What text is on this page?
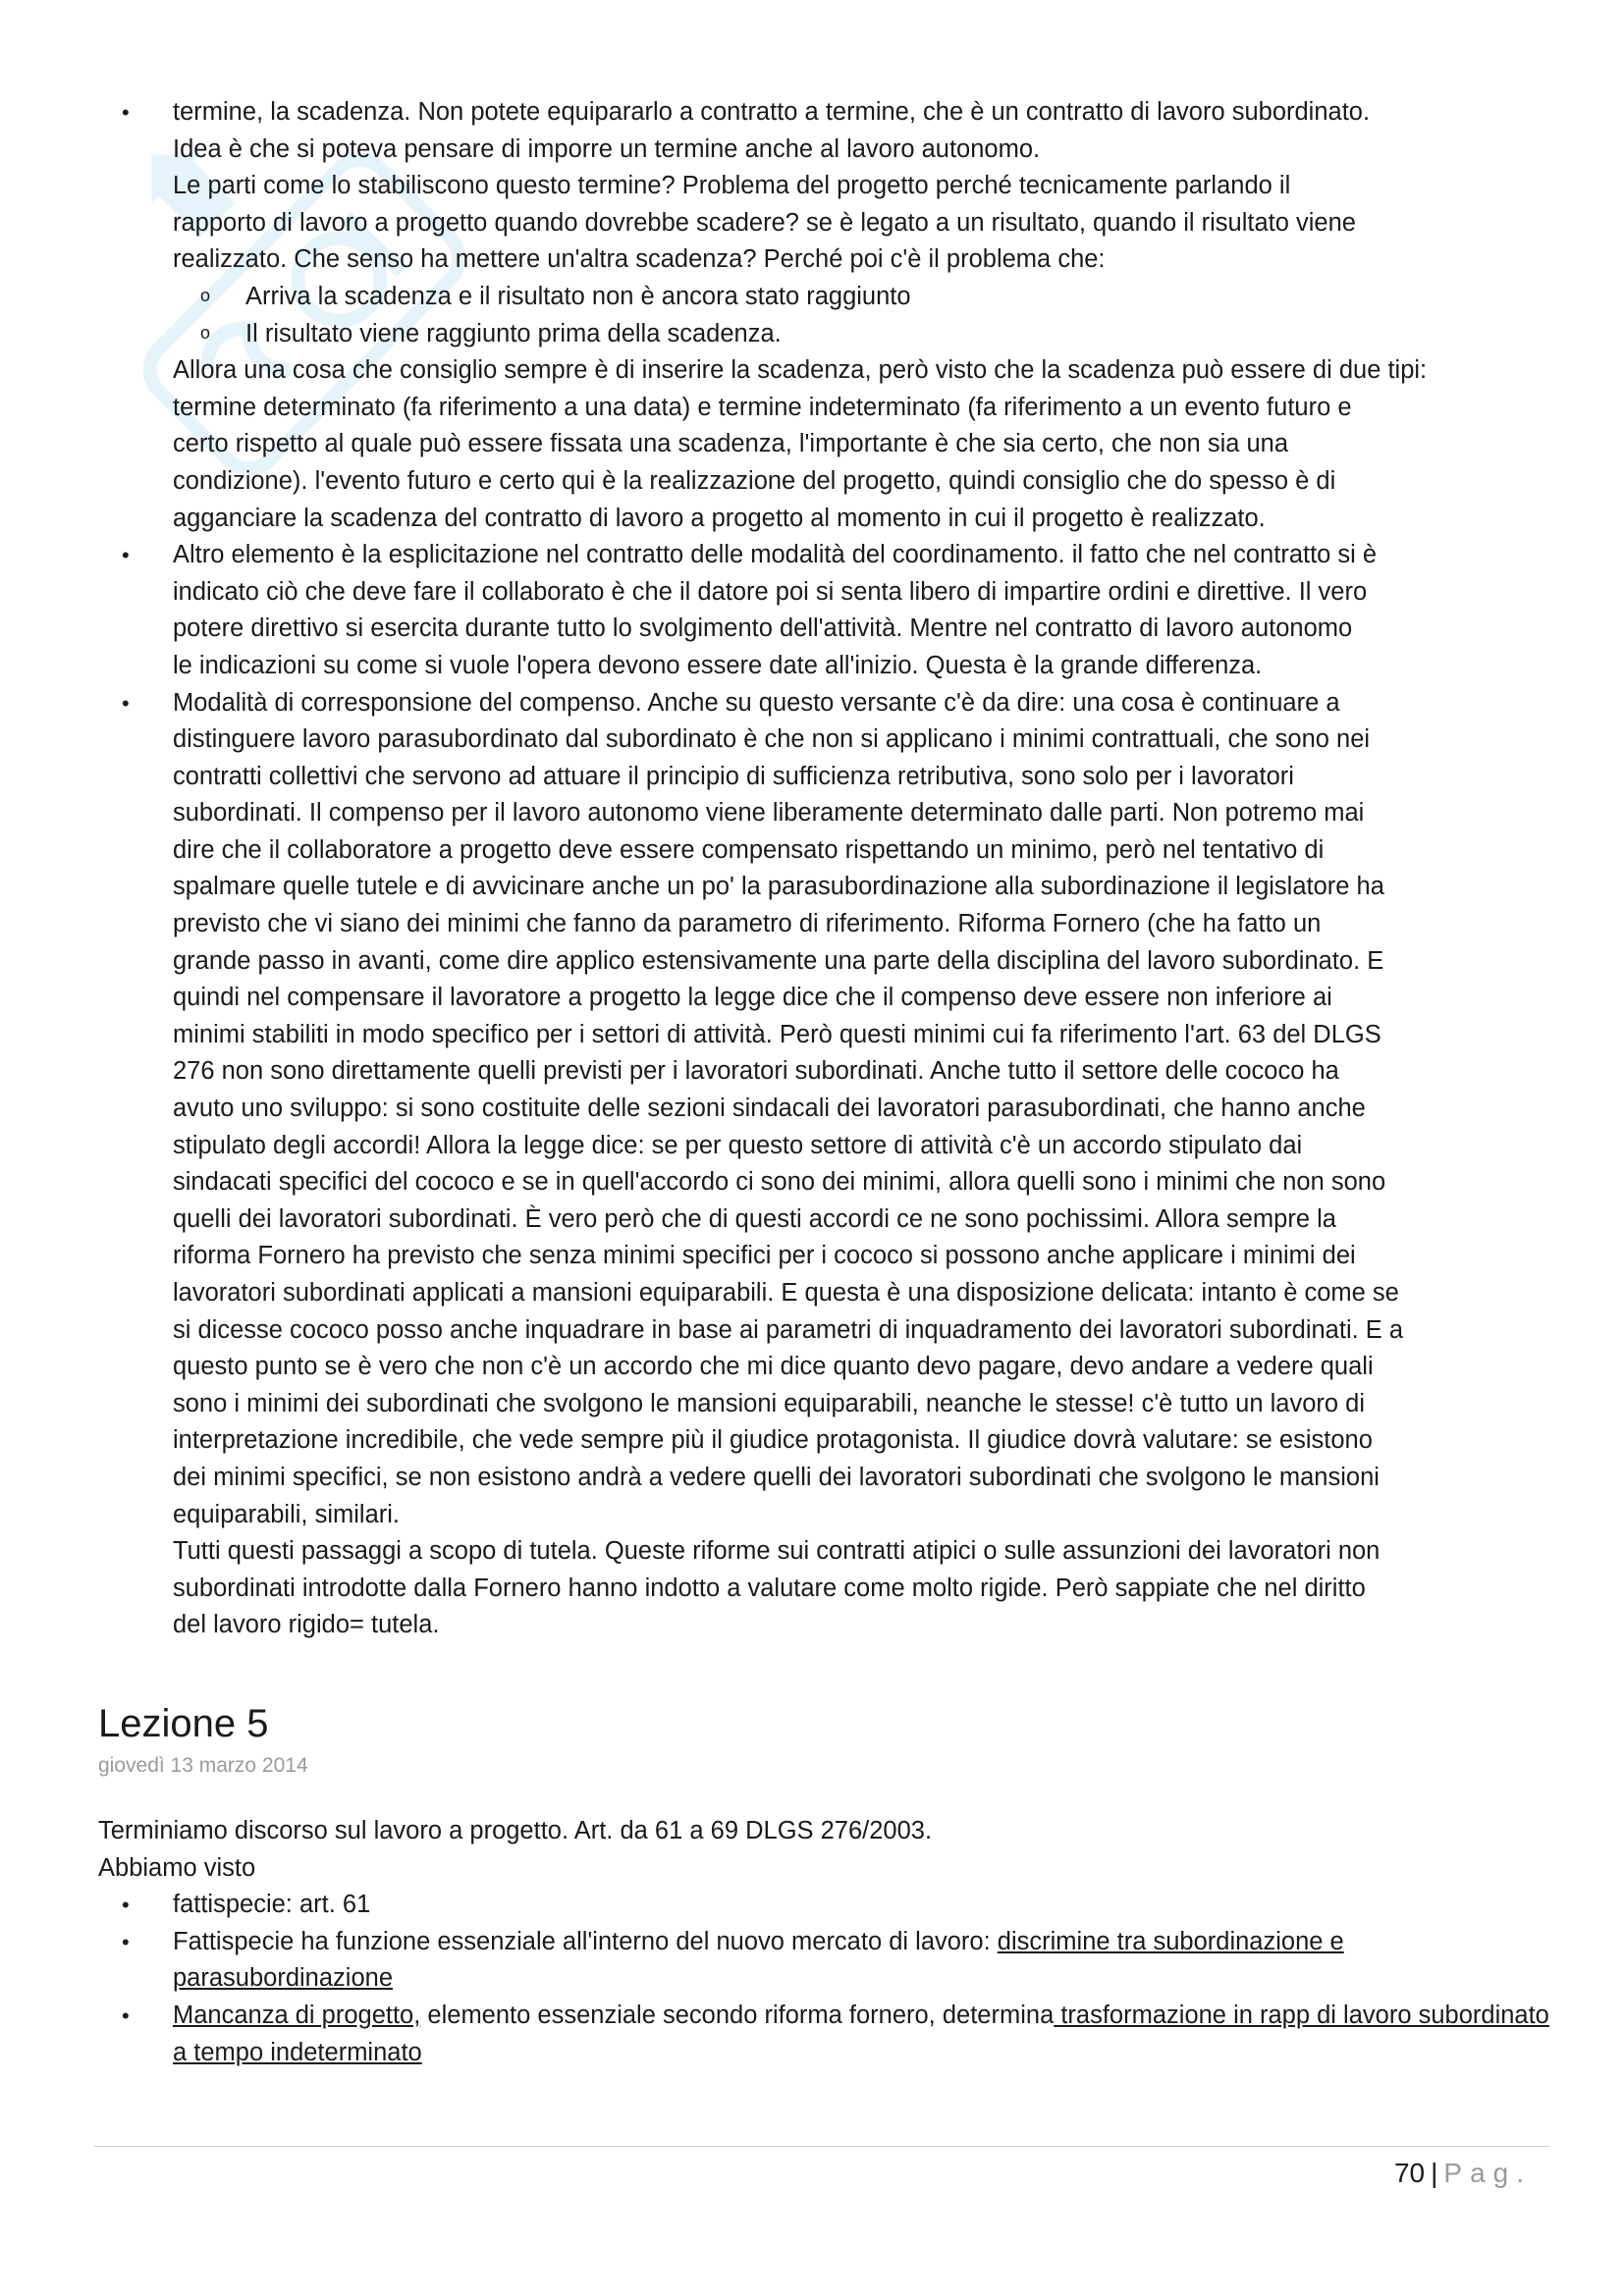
• termine, la scadenza. Non potete equipararlo a contratto a termine, che è un contratto di lavoro subordinato.
Idea è che si poteva pensare di imporre un termine anche al lavoro autonomo.
Le parti come lo stabiliscono questo termine? Problema del progetto perché tecnicamente parlando il
rapporto di lavoro a progetto quando dovrebbe scadere? se è legato a un risultato, quando il risultato viene
realizzato. Che senso ha mettere un'altra scadenza? Perché poi c'è il problema che:
o Arriva la scadenza e il risultato non è ancora stato raggiunto
o Il risultato viene raggiunto prima della scadenza.
Allora una cosa che consiglio sempre è di inserire la scadenza, però visto che la scadenza può essere di due tipi:
termine determinato (fa riferimento a una data) e termine indeterminato (fa riferimento a un evento futuro e
certo rispetto al quale può essere fissata una scadenza, l'importante è che sia certo, che non sia una
condizione). l'evento futuro e certo qui è la realizzazione del progetto, quindi consiglio che do spesso è di
agganciare la scadenza del contratto di lavoro a progetto al momento in cui il progetto è realizzato.
• Altro elemento è la esplicitazione nel contratto delle modalità del coordinamento. il fatto che nel contratto si è
indicato ciò che deve fare il collaborato è che il datore poi si senta libero di impartire ordini e direttive. Il vero
potere direttivo si esercita durante tutto lo svolgimento dell'attività. Mentre nel contratto di lavoro autonomo
le indicazioni su come si vuole l'opera devono essere date all'inizio. Questa è la grande differenza.
• Modalità di corresponsione del compenso. Anche su questo versante c'è da dire: una cosa è continuare a
distinguere lavoro parasubordinato dal subordinato è che non si applicano i minimi contrattuali, che sono nei
contratti collettivi che servono ad attuare il principio di sufficienza retributiva, sono solo per i lavoratori
subordinati. Il compenso per il lavoro autonomo viene liberamente determinato dalle parti. Non potremo mai
dire che il collaboratore a progetto deve essere compensato rispettando un minimo, però nel tentativo di
spalmare quelle tutele e di avvicinare anche un po' la parasubordinazione alla subordinazione il legislatore ha
previsto che vi siano dei minimi che fanno da parametro di riferimento. Riforma Fornero (che ha fatto un
grande passo in avanti, come dire applico estensivamente una parte della disciplina del lavoro subordinato. E
quindi nel compensare il lavoratore a progetto la legge dice che il compenso deve essere non inferiore ai
minimi stabiliti in modo specifico per i settori di attività. Però questi minimi cui fa riferimento l'art. 63 del DLGS
276 non sono direttamente quelli previsti per i lavoratori subordinati. Anche tutto il settore delle cococo ha
avuto uno sviluppo: si sono costituite delle sezioni sindacali dei lavoratori parasubordinati, che hanno anche
stipulato degli accordi! Allora la legge dice: se per questo settore di attività c'è un accordo stipulato dai
sindacati specifici del cococo e se in quell'accordo ci sono dei minimi, allora quelli sono i minimi che non sono
quelli dei lavoratori subordinati. È vero però che di questi accordi ce ne sono pochissimi. Allora sempre la
riforma Fornero ha previsto che senza minimi specifici per i cococo si possono anche applicare i minimi dei
lavoratori subordinati applicati a mansioni equiparabili. E questa è una disposizione delicata: intanto è come se
si dicesse cococo posso anche inquadrare in base ai parametri di inquadramento dei lavoratori subordinati. E a
questo punto se è vero che non c'è un accordo che mi dice quanto devo pagare, devo andare a vedere quali
sono i minimi dei subordinati che svolgono le mansioni equiparabili, neanche le stesse! c'è tutto un lavoro di
interpretazione incredibile, che vede sempre più il giudice protagonista. Il giudice dovrà valutare: se esistono
dei minimi specifici, se non esistono andrà a vedere quelli dei lavoratori subordinati che svolgono le mansioni
equiparabili, similari.
Tutti questi passaggi a scopo di tutela. Queste riforme sui contratti atipici o sulle assunzioni dei lavoratori non
subordinati introdotte dalla Fornero hanno indotto a valutare come molto rigide. Però sappiate che nel diritto
del lavoro rigido= tutela.
Lezione 5
giovedì 13 marzo 2014
Terminiamo discorso sul lavoro a progetto. Art. da 61 a 69 DLGS 276/2003.
Abbiamo visto
• fattispecie: art. 61
• Fattispecie ha funzione essenziale all'interno del nuovo mercato di lavoro: discrimine tra subordinazione e parasubordinazione
• Mancanza di progetto, elemento essenziale secondo riforma fornero, determina trasformazione in rapp di lavoro subordinato a tempo indeterminato
70 | Pag.
